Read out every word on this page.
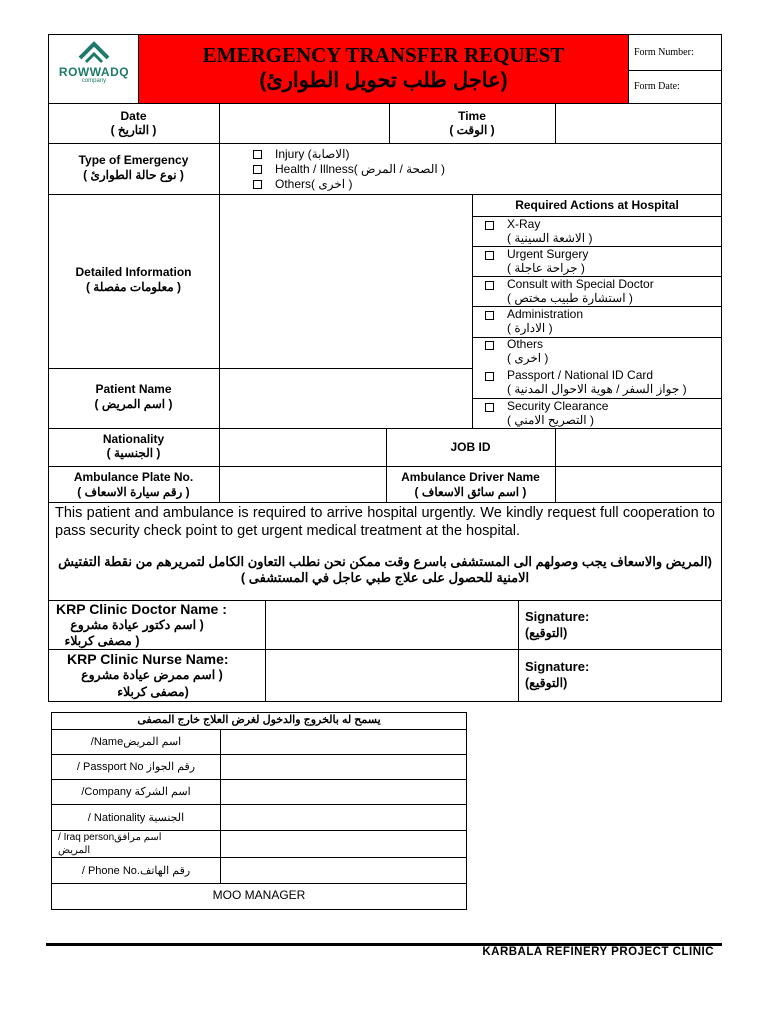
ROWWADQ
company
EMERGENCY TRANSFER REQUEST
(عاجل طلب تحويل الطوارئ)
Form Number:
Form Date:
Date
( التاريخ )
Time
( الوقت )
Type of Emergency
( نوع حالة الطوارئ )
Injury (الاصابة)
Health / Illness( الصحة / المرض )
Others( اخرى )
Detailed Information
( معلومات مفصلة )
Required Actions at Hospital
X-Ray
( الاشعة السينية )
Urgent Surgery
( جراحة عاجلة )
Consult with Special Doctor
( استشارة طبيب مختص )
Administration
( الادارة )
Others
( اخرى )
Passport / National ID Card
( جواز السفر / هوية الاحوال المدنية )
Security Clearance
( التصريح الامني )
Patient Name
( اسم المريض )
Nationality
( الجنسية )	JOB ID
Ambulance Plate No.
( رقم سيارة الاسعاف )
Ambulance Driver Name
( اسم سائق الاسعاف )
This patient and ambulance is required to arrive hospital urgently. We kindly request full cooperation to pass security check point to get urgent medical treatment at the hospital.
(المريض والاسعاف يجب وصولهم الى المستشفى باسرع وقت ممكن نحن نطلب التعاون الكامل لتمريرهم من نقطة التفتيش الامنية للحصول على علاج طبي عاجل في المستشفى )
KRP Clinic Doctor Name :
( اسم دكتور عيادة مشروع
( مصفى كربلاء
Signature:
(التوقيع)
KRP Clinic Nurse Name:
( اسم ممرض عيادة مشروع
(مصفى كربلاء
Signature:
(التوقيع)
يسمح له بالخروج والدخول لغرض العلاج خارج المصفى
اسم المريضName/
رقم الجواز Passport No /
اسم الشركة Company/
الجنسية Nationality /
اسم مرافقIraq person / المريض
رقم الهاتف.Phone No /
MOO MANAGER
KARBALA REFINERY PROJECT CLINIC
